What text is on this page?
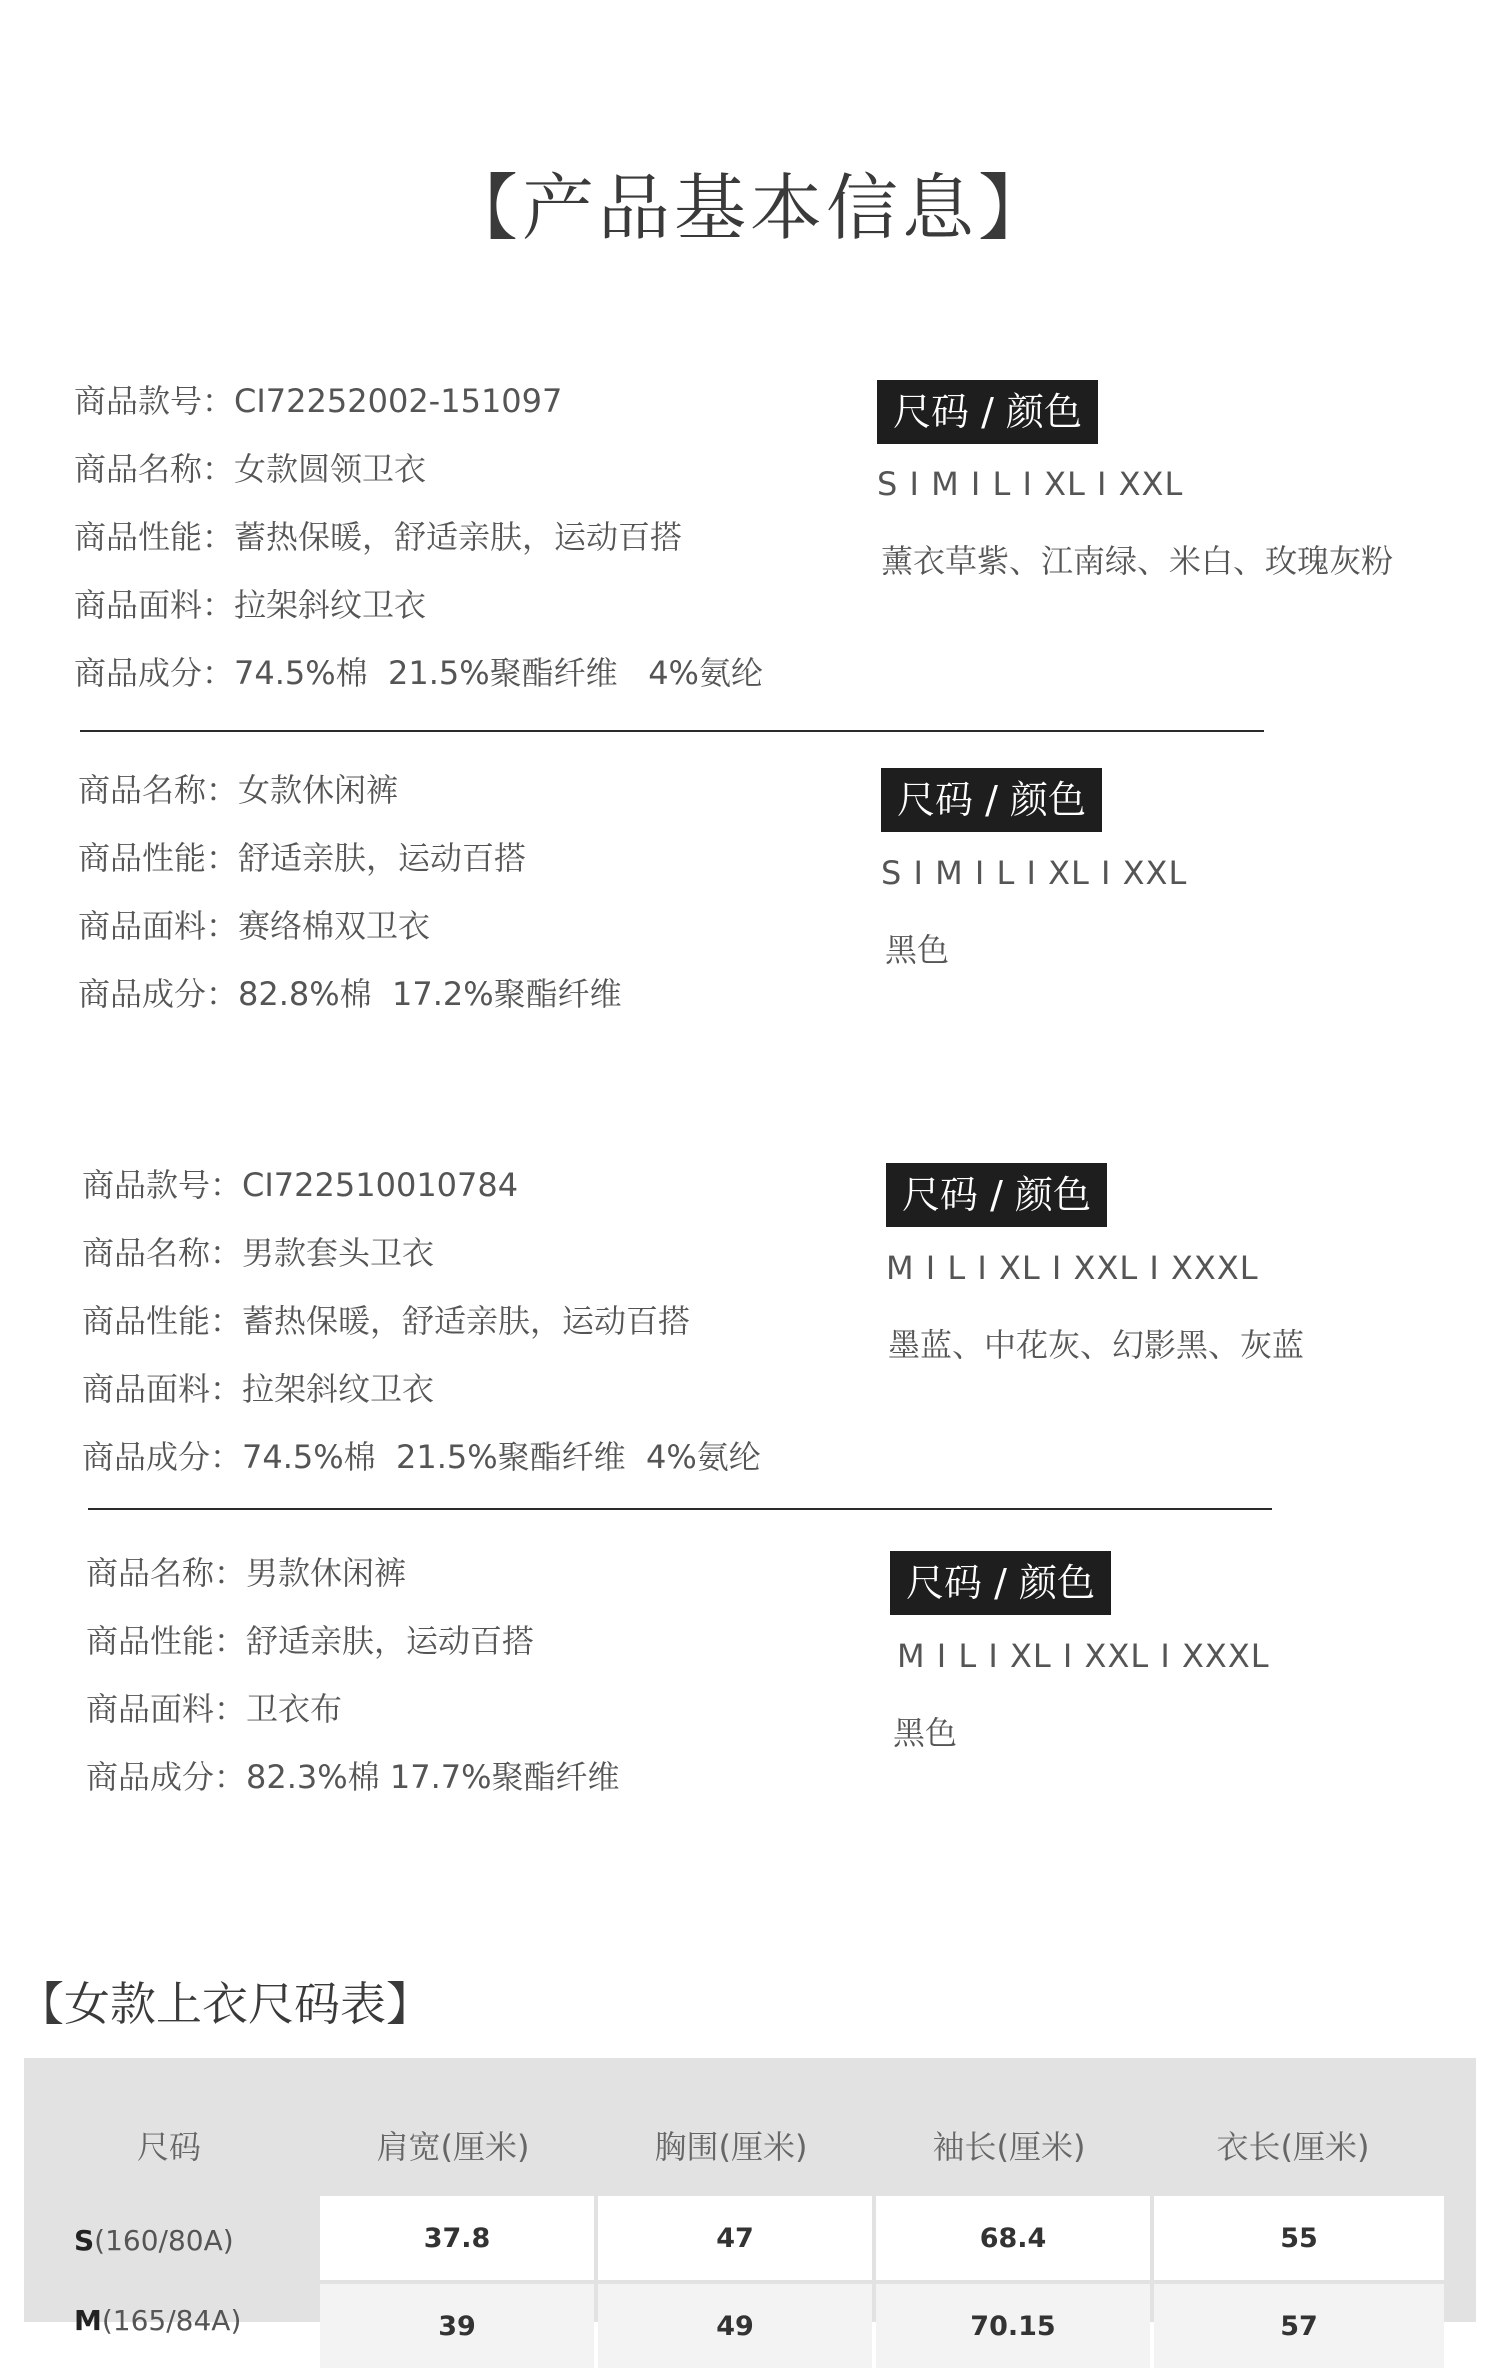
【产品基本信息】
商品款号：CI72252002-151097
商品名称：女款圆领卫衣
商品性能：蓄热保暖，舒适亲肤，运动百搭
商品面料：拉架斜纹卫衣
商品成分：74.5%棉  21.5%聚酯纤维   4%氨纶
尺码 / 颜色
S I M I L I XL I XXL
薰衣草紫、江南绿、米白、玫瑰灰粉
商品名称：女款休闲裤
商品性能：舒适亲肤，运动百搭
商品面料：赛络棉双卫衣
商品成分：82.8%棉  17.2%聚酯纤维
尺码 / 颜色
S I M I L I XL I XXL
黑色
商品款号：CI722510010784
商品名称：男款套头卫衣
商品性能：蓄热保暖，舒适亲肤，运动百搭
商品面料：拉架斜纹卫衣
商品成分：74.5%棉  21.5%聚酯纤维  4%氨纶
尺码 / 颜色
M I L I XL I XXL I XXXL
墨蓝、中花灰、幻影黑、灰蓝
商品名称：男款休闲裤
商品性能：舒适亲肤，运动百搭
商品面料：卫衣布
商品成分：82.3%棉 17.7%聚酯纤维
尺码 / 颜色
M I L I XL I XXL I XXXL
黑色
【女款上衣尺码表】
尺码	肩宽(厘米)	胸围(厘米)	袖长(厘米)	衣长(厘米)
S(160/80A)	37.8	47	68.4	55
M(165/84A)	39	49	70.15	57
